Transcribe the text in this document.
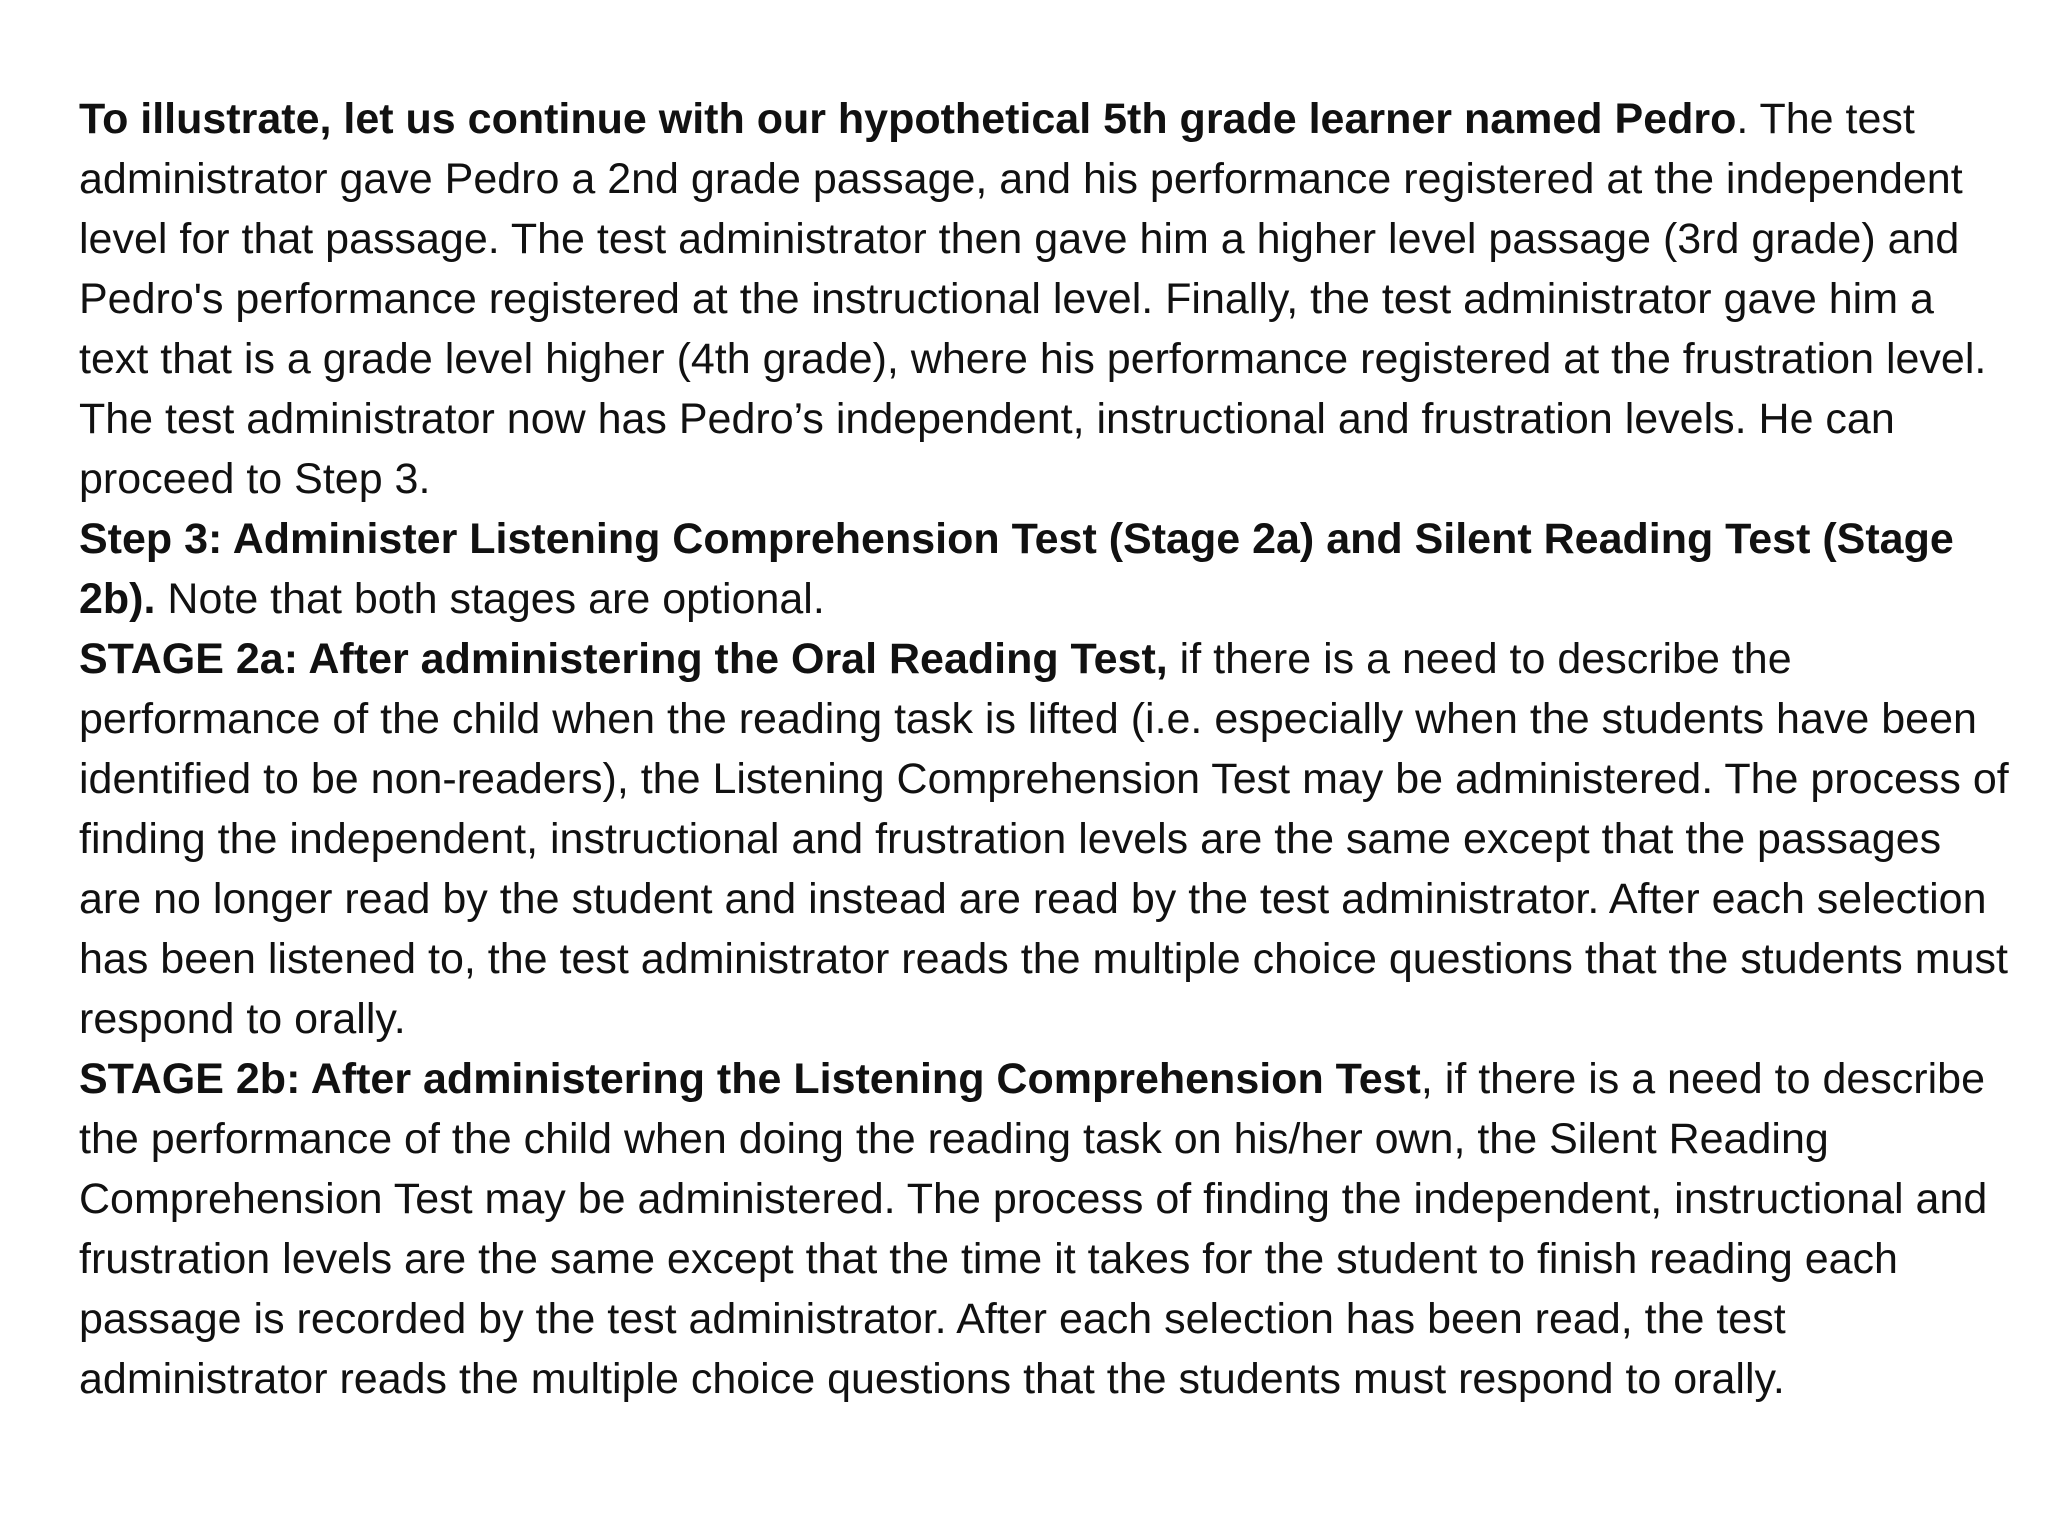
To illustrate, let us continue with our hypothetical 5th grade learner named Pedro. The test administrator gave Pedro a 2nd grade passage, and his performance registered at the independent level for that passage. The test administrator then gave him a higher level passage (3rd grade) and Pedro's performance registered at the instructional level. Finally, the test administrator gave him a text that is a grade level higher (4th grade), where his performance registered at the frustration level. The test administrator now has Pedro’s independent, instructional and frustration levels. He can proceed to Step 3.

Step 3: Administer Listening Comprehension Test (Stage 2a) and Silent Reading Test (Stage 2b). Note that both stages are optional.

STAGE 2a: After administering the Oral Reading Test, if there is a need to describe the performance of the child when the reading task is lifted (i.e. especially when the students have been identified to be non-readers), the Listening Comprehension Test may be administered. The process of finding the independent, instructional and frustration levels are the same except that the passages are no longer read by the student and instead are read by the test administrator. After each selection has been listened to, the test administrator reads the multiple choice questions that the students must respond to orally.

STAGE 2b: After administering the Listening Comprehension Test, if there is a need to describe the performance of the child when doing the reading task on his/her own, the Silent Reading Comprehension Test may be administered. The process of finding the independent, instructional and frustration levels are the same except that the time it takes for the student to finish reading each passage is recorded by the test administrator. After each selection has been read, the test administrator reads the multiple choice questions that the students must respond to orally.
